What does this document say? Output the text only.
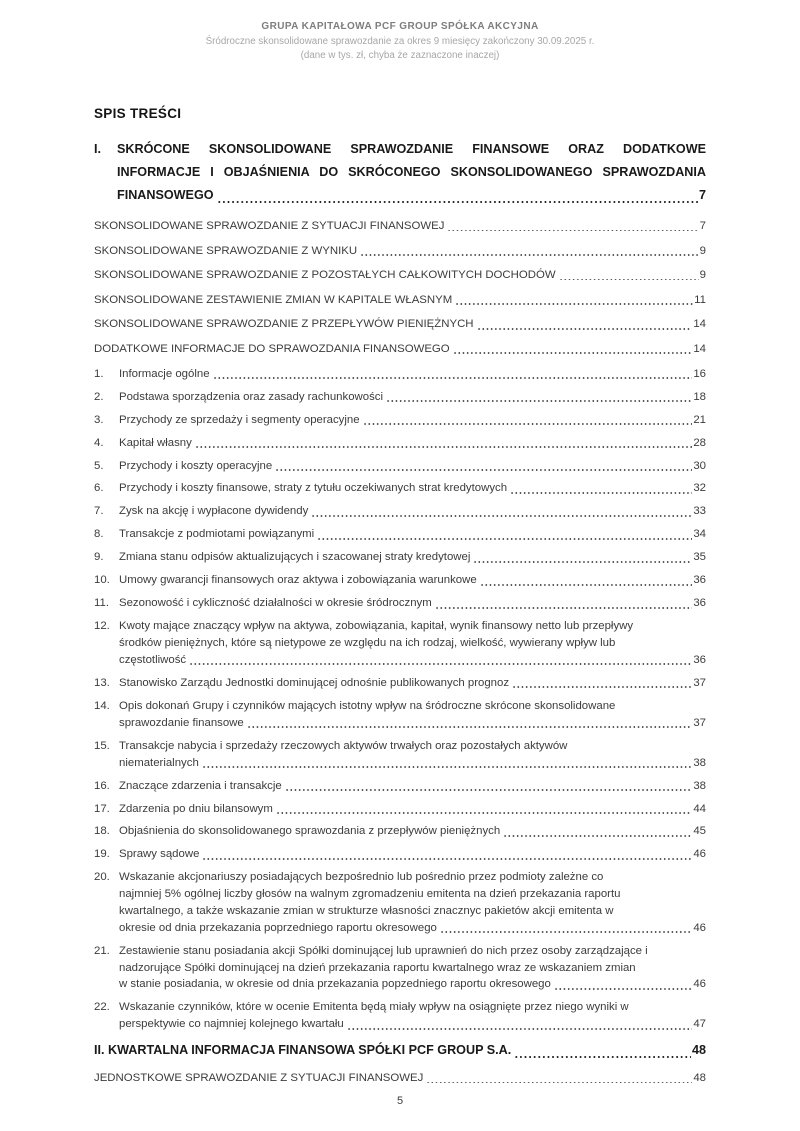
GRUPA KAPITAŁOWA PCF GROUP SPÓŁKA AKCYJNA
Śródroczne skonsolidowane sprawozdanie za okres 9 miesięcy zakończony 30.09.2025 r.
(dane w tys. zł, chyba że zaznaczone inaczej)
SPIS TREŚCI
I. SKRÓCONE SKONSOLIDOWANE SPRAWOZDANIE FINANSOWE ORAZ DODATKOWE
INFORMACJE I OBJAŚNIENIA DO SKRÓCONEGO SKONSOLIDOWANEGO SPRAWOZDANIA
FINANSOWEGO	7
SKONSOLIDOWANE SPRAWOZDANIE Z SYTUACJI FINANSOWEJ	7
SKONSOLIDOWANE SPRAWOZDANIE Z WYNIKU	9
SKONSOLIDOWANE SPRAWOZDANIE Z POZOSTAŁYCH CAŁKOWITYCH DOCHODÓW	9
SKONSOLIDOWANE ZESTAWIENIE ZMIAN W KAPITALE WŁASNYM	11
SKONSOLIDOWANE SPRAWOZDANIE Z PRZEPŁYWÓW PIENIĘŻNYCH	14
DODATKOWE INFORMACJE DO SPRAWOZDANIA FINANSOWEGO	14
1. Informacje ogólne	16
2. Podstawa sporządzenia oraz zasady rachunkowości	18
3. Przychody ze sprzedaży i segmenty operacyjne	21
4. Kapitał własny	28
5. Przychody i koszty operacyjne	30
6. Przychody i koszty finansowe, straty z tytułu oczekiwanych strat kredytowych	32
7. Zysk na akcję i wypłacone dywidendy	33
8. Transakcje z podmiotami powiązanymi	34
9. Zmiana stanu odpisów aktualizujących i szacowanej straty kredytowej	35
10. Umowy gwarancji finansowych oraz aktywa i zobowiązania warunkowe	36
11. Sezonowość i cykliczność działalności w okresie śródrocznym	36
12. Kwoty mające znaczący wpływ na aktywa, zobowiązania, kapitał, wynik finansowy netto lub przepływy
środków pieniężnych, które są nietypowe ze względu na ich rodzaj, wielkość, wywierany wpływ lub
częstotliwość	36
13. Stanowisko Zarządu Jednostki dominującej odnośnie publikowanych prognoz	37
14. Opis dokonań Grupy i czynników mających istotny wpływ na śródroczne skrócone skonsolidowane
sprawozdanie finansowe	37
15. Transakcje nabycia i sprzedaży rzeczowych aktywów trwałych oraz pozostałych aktywów
niematerialnych	38
16. Znaczące zdarzenia i transakcje	38
17. Zdarzenia po dniu bilansowym	44
18. Objaśnienia do skonsolidowanego sprawozdania z przepływów pieniężnych	45
19. Sprawy sądowe	46
20. Wskazanie akcjonariuszy posiadających bezpośrednio lub pośrednio przez podmioty zależne co
najmniej 5% ogólnej liczby głosów na walnym zgromadzeniu emitenta na dzień przekazania raportu
kwartalnego, a także wskazanie zmian w strukturze własności znacznyc pakietów akcji emitenta w
okresie od dnia przekazania poprzedniego raportu okresowego	46
21. Zestawienie stanu posiadania akcji Spółki dominującej lub uprawnień do nich przez osoby zarządzające i
nadzorujące Spółki dominującej na dzień przekazania raportu kwartalnego wraz ze wskazaniem zmian
w stanie posiadania, w okresie od dnia przekazania popzedniego raportu okresowego	46
22. Wskazanie czynników, które w ocenie Emitenta będą miały wpływ na osiągnięte przez niego wyniki w
perspektywie co najmniej kolejnego kwartału	47
II. KWARTALNA INFORMACJA FINANSOWA SPÓŁKI PCF GROUP S.A.	48
JEDNOSTKOWE SPRAWOZDANIE Z SYTUACJI FINANSOWEJ	48
5
